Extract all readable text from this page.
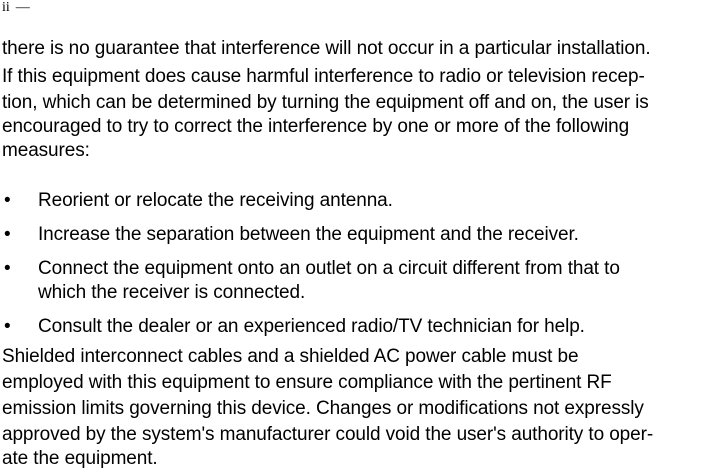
ii —
there is no guarantee that interference will not occur in a particular installation.
If this equipment does cause harmful interference to radio or television recep-
tion, which can be determined by turning the equipment off and on, the user is
encouraged to try to correct the interference by one or more of the following
measures:
• Reorient or relocate the receiving antenna.
• Increase the separation between the equipment and the receiver.
• Connect the equipment onto an outlet on a circuit different from that to
which the receiver is connected.
• Consult the dealer or an experienced radio/TV technician for help.
Shielded interconnect cables and a shielded AC power cable must be
employed with this equipment to ensure compliance with the pertinent RF
emission limits governing this device. Changes or modifications not expressly
approved by the system's manufacturer could void the user's authority to oper-
ate the equipment.
